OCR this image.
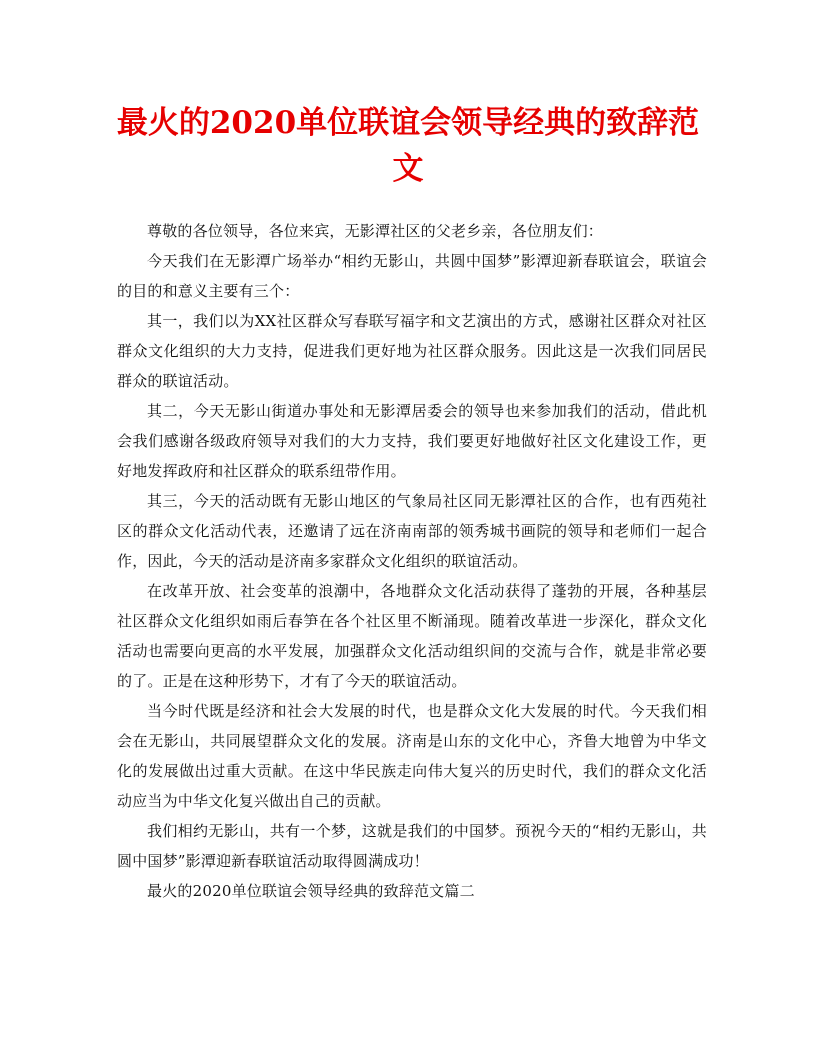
最火的2020单位联谊会领导经典的致辞范文

尊敬的各位领导，各位来宾，无影潭社区的父老乡亲，各位朋友们：

今天我们在无影潭广场举办“相约无影山，共圆中国梦”影潭迎新春联谊会，联谊会的目的和意义主要有三个：

其一，我们以为XX社区群众写春联写福字和文艺演出的方式，感谢社区群众对社区群众文化组织的大力支持，促进我们更好地为社区群众服务。因此这是一次我们同居民群众的联谊活动。

其二，今天无影山街道办事处和无影潭居委会的领导也来参加我们的活动，借此机会我们感谢各级政府领导对我们的大力支持，我们要更好地做好社区文化建设工作，更好地发挥政府和社区群众的联系纽带作用。

其三，今天的活动既有无影山地区的气象局社区同无影潭社区的合作，也有西苑社区的群众文化活动代表，还邀请了远在济南南部的领秀城书画院的领导和老师们一起合作，因此，今天的活动是济南多家群众文化组织的联谊活动。

在改革开放、社会变革的浪潮中，各地群众文化活动获得了蓬勃的开展，各种基层社区群众文化组织如雨后春笋在各个社区里不断涌现。随着改革进一步深化，群众文化活动也需要向更高的水平发展，加强群众文化活动组织间的交流与合作，就是非常必要的了。正是在这种形势下，才有了今天的联谊活动。

当今时代既是经济和社会大发展的时代，也是群众文化大发展的时代。今天我们相会在无影山，共同展望群众文化的发展。济南是山东的文化中心，齐鲁大地曾为中华文化的发展做出过重大贡献。在这中华民族走向伟大复兴的历史时代，我们的群众文化活动应当为中华文化复兴做出自己的贡献。

我们相约无影山，共有一个梦，这就是我们的中国梦。预祝今天的“相约无影山，共圆中国梦”影潭迎新春联谊活动取得圆满成功！

最火的2020单位联谊会领导经典的致辞范文篇二
